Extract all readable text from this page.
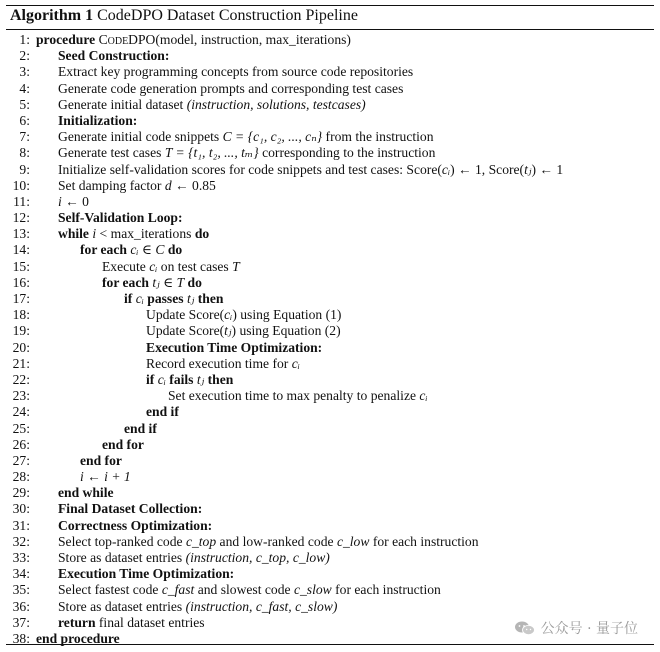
Algorithm 1 CodeDPO Dataset Construction Pipeline
1: procedure CodeDPO(model, instruction, max_iterations)
2:	Seed Construction:
3:	Extract key programming concepts from source code repositories
4:	Generate code generation prompts and corresponding test cases
5:	Generate initial dataset (instruction, solutions, testcases)
6:	Initialization:
7:	Generate initial code snippets C = {c₁, c₂, ..., cₙ} from the instruction
8:	Generate test cases T = {t₁, t₂, ..., tₘ} corresponding to the instruction
9:	Initialize self-validation scores for code snippets and test cases: Score(cᵢ) ← 1, Score(tⱼ) ← 1
10:	Set damping factor d ← 0.85
11:	i ← 0
12:	Self-Validation Loop:
13:	while i < max_iterations do
14:	for each cᵢ ∈ C do
15:	Execute cᵢ on test cases T
16:	for each tⱼ ∈ T do
17:	if cᵢ passes tⱼ then
18:	Update Score(cᵢ) using Equation (1)
19:	Update Score(tⱼ) using Equation (2)
20:	Execution Time Optimization:
21:	Record execution time for cᵢ
22:	if cᵢ fails tⱼ then
23:	Set execution time to max penalty to penalize cᵢ
24:	end if
25:	end if
26:	end for
27:	end for
28:	i ← i + 1
29:	end while
30:	Final Dataset Collection:
31:	Correctness Optimization:
32:	Select top-ranked code c_top and low-ranked code c_low for each instruction
33:	Store as dataset entries (instruction, c_top, c_low)
34:	Execution Time Optimization:
35:	Select fastest code c_fast and slowest code c_slow for each instruction
36:	Store as dataset entries (instruction, c_fast, c_slow)
37:	return final dataset entries
38: end procedure
公众号 · 量子位
